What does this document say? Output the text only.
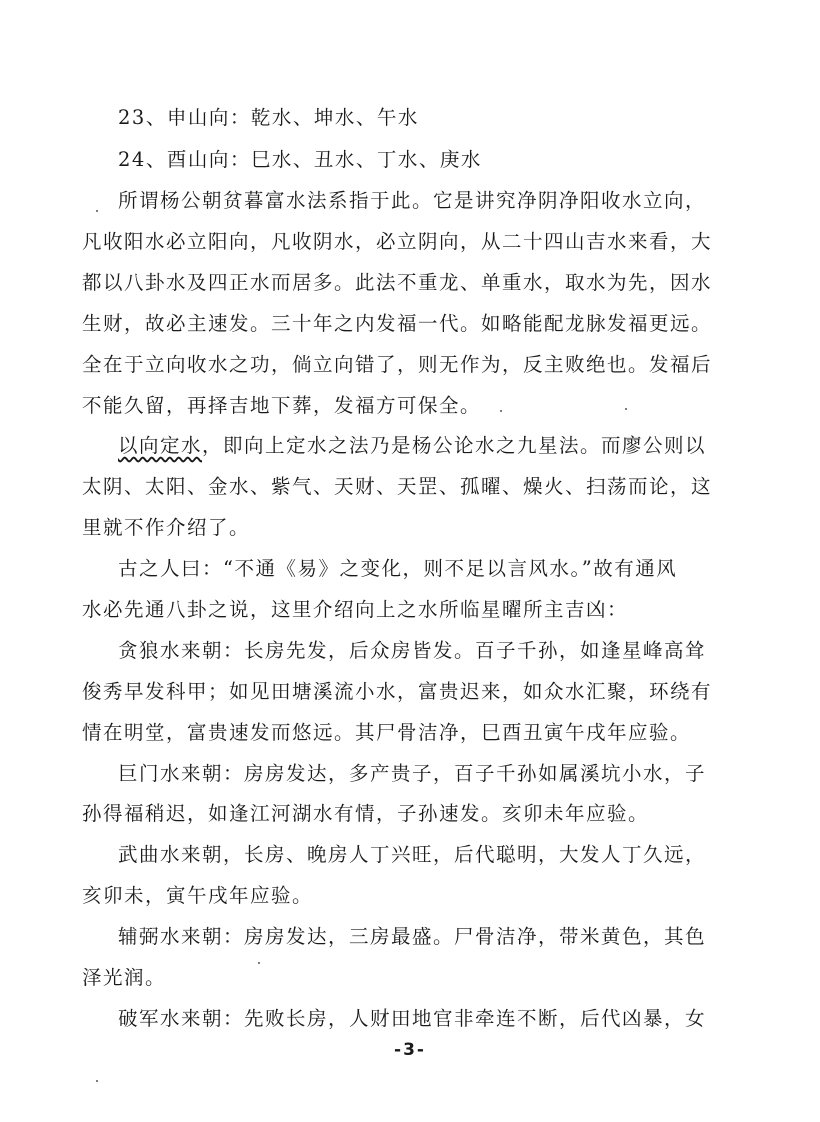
23、申山向：乾水、坤水、午水
24、酉山向：巳水、丑水、丁水、庚水
所谓杨公朝贫暮富水法系指于此。它是讲究净阴净阳收水立向，
凡收阳水必立阳向，凡收阴水，必立阴向，从二十四山吉水来看，大
都以八卦水及四正水而居多。此法不重龙、单重水，取水为先，因水
生财，故必主速发。三十年之内发福一代。如略能配龙脉发福更远。
全在于立向收水之功，倘立向错了，则无作为，反主败绝也。发福后
不能久留，再择吉地下葬，发福方可保全。
以向定水，即向上定水之法乃是杨公论水之九星法。而廖公则以
太阴、太阳、金水、紫气、天财、天罡、孤曜、燥火、扫荡而论，这
里就不作介绍了。
古之人曰：“不通《易》之变化，则不足以言风水。”故有通风
水必先通八卦之说，这里介绍向上之水所临星曜所主吉凶：
贪狼水来朝：长房先发，后众房皆发。百子千孙，如逢星峰高耸
俊秀早发科甲；如见田塘溪流小水，富贵迟来，如众水汇聚，环绕有
情在明堂，富贵速发而悠远。其尸骨洁净，巳酉丑寅午戌年应验。
巨门水来朝：房房发达，多产贵子，百子千孙如属溪坑小水，子
孙得福稍迟，如逢江河湖水有情，子孙速发。亥卯未年应验。
武曲水来朝，长房、晚房人丁兴旺，后代聪明，大发人丁久远，
亥卯未，寅午戌年应验。
辅弼水来朝：房房发达，三房最盛。尸骨洁净，带米黄色，其色
泽光润。
破军水来朝：先败长房，人财田地官非牵连不断，后代凶暴，女
-3-
